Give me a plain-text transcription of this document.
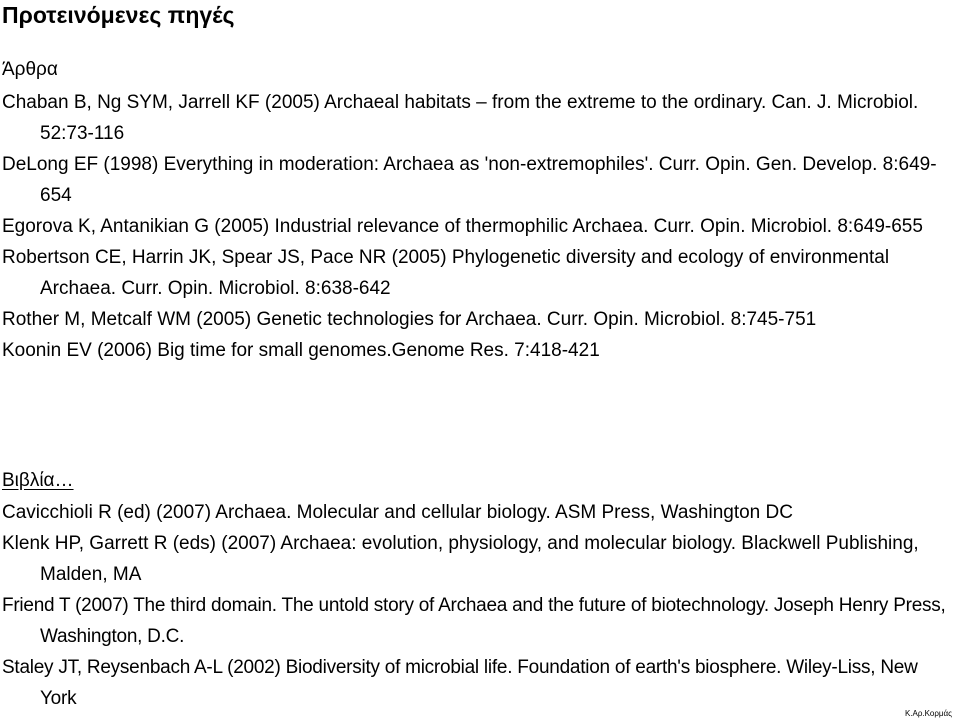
Προτεινόμενες πηγές

Άρθρα

Chaban B, Ng SYM, Jarrell KF (2005) Archaeal habitats – from the extreme to the ordinary. Can. J. Microbiol. 52:73-116
DeLong EF (1998) Everything in moderation: Archaea as 'non-extremophiles'. Curr. Opin. Gen. Develop. 8:649-654
Egorova K, Antanikian G (2005) Industrial relevance of thermophilic Archaea. Curr. Opin. Microbiol. 8:649-655
Robertson CE, Harrin JK, Spear JS, Pace NR (2005) Phylogenetic diversity and ecology of environmental Archaea. Curr. Opin. Microbiol. 8:638-642
Rother M, Metcalf WM (2005) Genetic technologies for Archaea. Curr. Opin. Microbiol. 8:745-751
Koonin EV (2006) Big time for small genomes.Genome Res. 7:418-421

Βιβλία…

Cavicchioli R (ed) (2007) Archaea. Molecular and cellular biology. ASM Press, Washington DC
Klenk HP, Garrett R (eds) (2007) Archaea: evolution, physiology, and molecular biology. Blackwell Publishing, Malden, MA
Friend T (2007) The third domain. The untold story of Archaea and the future of biotechnology. Joseph Henry Press, Washington, D.C.
Staley JT, Reysenbach A-L (2002) Biodiversity of microbial life. Foundation of earth's biosphere. Wiley-Liss, New York
Κ.Αρ.Κορμάς
